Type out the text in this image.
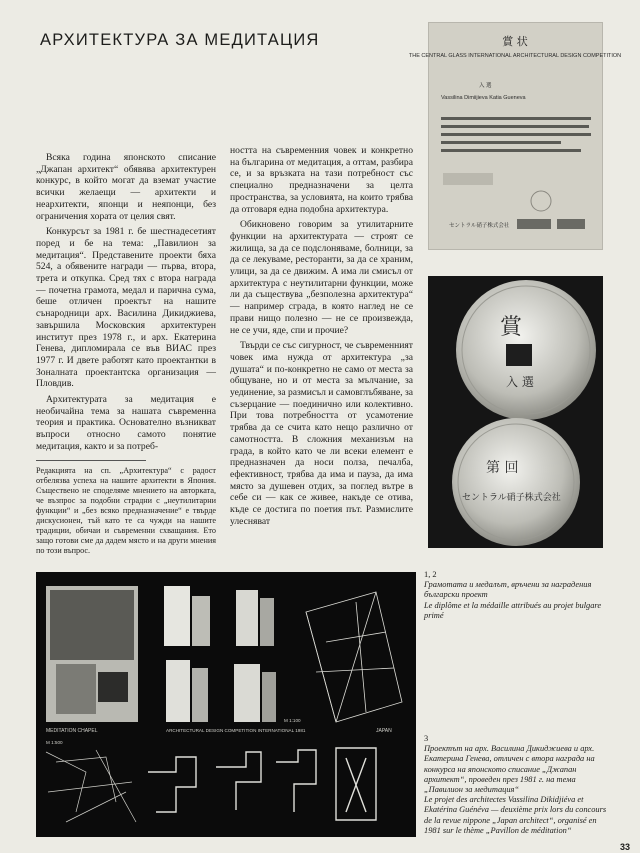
АРХИТЕКТУРА ЗА МЕДИТАЦИЯ

Всяка година японското списание „Джапан архитект“ обявява архитектурен конкурс, в който могат да вземат участие всички желаещи — архитекти и неархитекти, японци и неяпонци, без ограничения хората от целия свят.

Конкурсът за 1981 г. бе шестнадесетият поред и бе на тема: „Павилион за медитация“. Представените проекти бяха 524, а обявените награди — първа, втора, трета и откупка. Сред тях с втора награда — почетна грамота, медал и парична сума, беше отличен проектът на нашите сънародници арх. Василина Дикиджиева, завършила Московския архитектурен институт през 1978 г., и арх. Екатерина Генева, дипломирала се във ВИАС през 1977 г. И двете работят като проектантки в Зоналната проектантска организация — Пловдив.

Архитектурата за медитация е необичайна тема за нашата съвременна теория и практика. Основателно възникват въпроси относно самото понятие медитация, както и за потреб-

ността на съвременния човек и конкретно на българина от медитация, а оттам, разбира се, и за връзката на тази потребност със специално предназначени за целта пространства, за условията, на които трябва да отговаря една подобна архитектура.

Обикновено говорим за утилитарните функции на архитектурата — строят се жилища, за да се подслоняваме, болници, за да се лекуваме, ресторанти, за да се храним, улици, за да се движим. А има ли смисъл от архитектура с неутилитарни функции, може ли да съществува „безполезна архитектура“ — например сграда, в която наглед не се прави нищо полезно — не се произвежда, не се учи, яде, спи и прочие?

Твърди се със сигурност, че съвременният човек има нужда от архитектура „за душата“ и по-конкретно не само от места за общуване, но и от места за мълчание, за уединение, за размисъл и самовглъбяване, за съзерцание — поединично или колективно. При това потребността от усамотение трябва да се счита като нещо различно от самотността. В сложния механизъм на града, в който като че ли всеки елемент е предназначен да носи полза, печалба, ефективност, трябва да има и пауза, да има място за душевен отдих, за поглед вътре в себе си — как се живее, накъде се отива, къде се достига по поетия път. Размислите улесняват

Редакцията на сп. „Архитектура“ с радост отбелязва успеха на нашите архитекти в Япония. Съществено не споделяме мнението на авторката, че възпрос за подобни страдни с „неутилитарни функции“ и „без всяко предназначение“ е твърде дискусионен, тъй като те са чужди на нашите традиции, обичаи и съвременни схващания. Ето защо готови сме да дадем място и на други мнения по този въпрос.
賞 状
THE CENTRAL GLASS INTERNATIONAL ARCHITECTURAL DESIGN COMPETITION
入 選
Vassilina Dimiijieva Katia Gueneva
セントラル硝子株式会社
賞
入 選
第 回
セントラル硝子株式会社
MEDITATION CHAPEL	ARCHITECTURAL DESIGN COMPETITION INTERNATIONAL 1981	JAPAN
M 1:500
M 1:100
1, 2
Грамотата и медалът, връчени за наградения български проект
Le diplôme et la médaille attribués au projet bulgare primé
3
Проектът на арх. Василина Дикиджиева и арх. Екатерина Генева, отличен с втора награда на конкурса на японското списание „Джапан архитект“, проведен през 1981 г. на тема „Павилион за медитация“
Le projet des architectes Vassilina Dikidjiéva et Ekatérina Guénéva — deuxième prix lors du concours de la revue nippone „Japan architect“, organisé en 1981 sur le thème „Pavillon de méditation“
33
